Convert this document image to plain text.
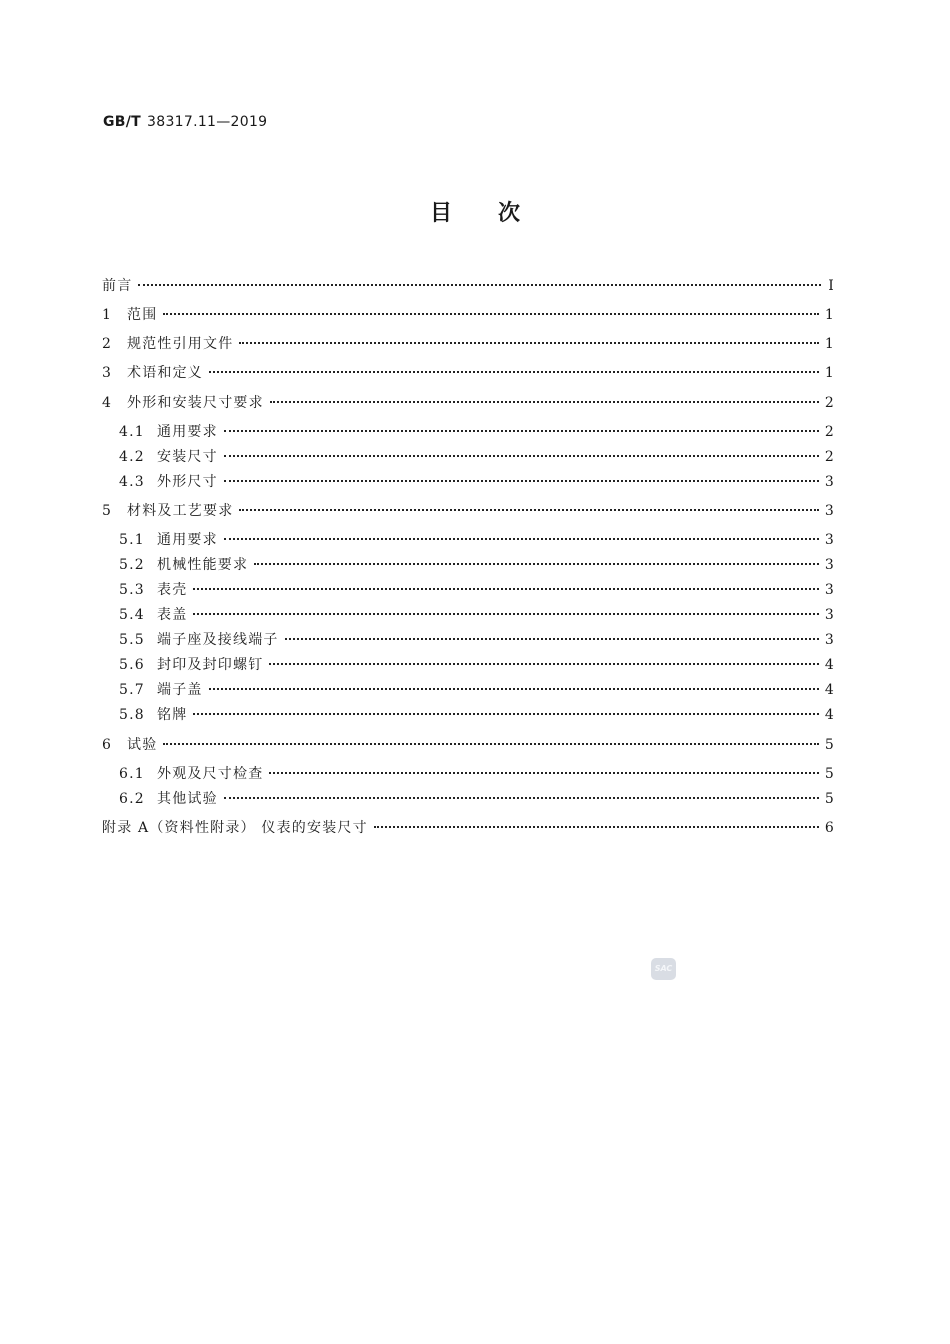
GB/T 38317.11—2019
目次
前言	Ⅰ
1	范围	1
2	规范性引用文件	1
3	术语和定义	1
4	外形和安装尺寸要求	2
4.1 通用要求	2
4.2 安装尺寸	2
4.3 外形尺寸	3
5	材料及工艺要求	3
5.1 通用要求	3
5.2 机械性能要求	3
5.3 表壳	3
5.4 表盖	3
5.5 端子座及接线端子	3
5.6 封印及封印螺钉	4
5.7 端子盖	4
5.8 铭牌	4
6	试验	5
6.1 外观及尺寸检查	5
6.2 其他试验	5
附录 A（资料性附录） 仪表的安装尺寸	6
SAC
